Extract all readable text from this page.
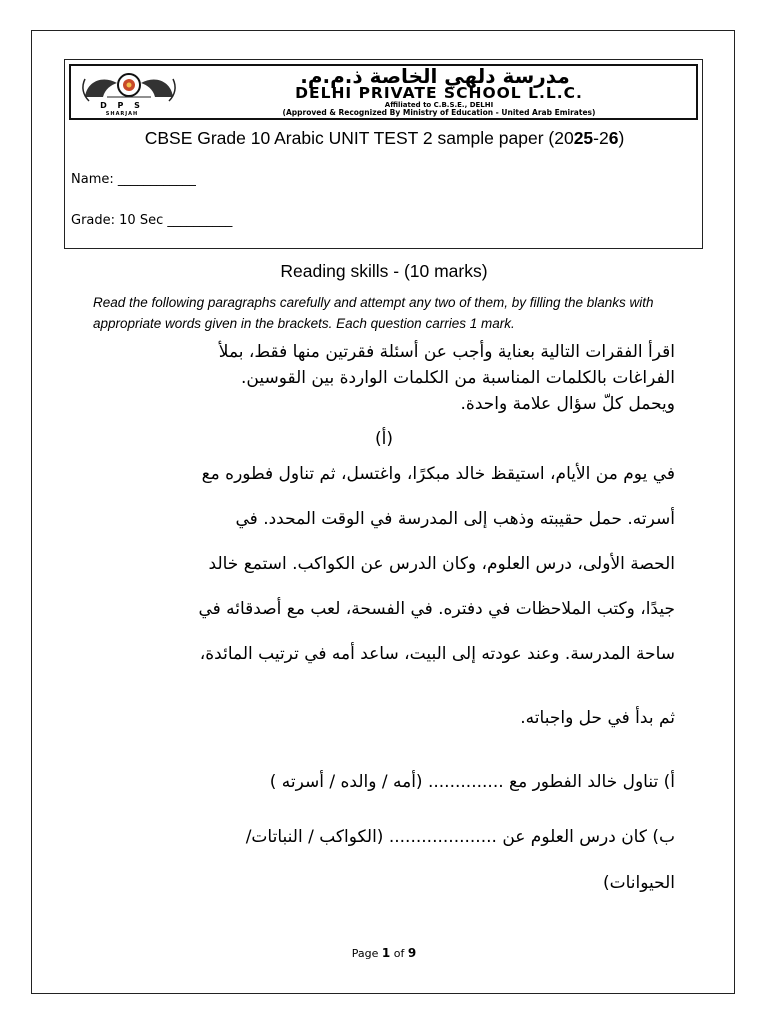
D P S
SHARJAH
مدرسة دلهي الخاصة ذ.م.م.
DELHI PRIVATE SCHOOL L.L.C.
Affiliated to C.B.S.E., DELHI
(Approved & Recognized By Ministry of Education - United Arab Emirates)
CBSE Grade 10 Arabic UNIT TEST 2 sample paper (2025-26)
Name: ____________
Grade: 10 Sec __________
Reading skills - (10 marks)
Read the following paragraphs carefully and attempt any two of them, by filling the blanks with appropriate words given in the brackets. Each question carries 1 mark.
اقرأ الفقرات التالية بعناية وأجب عن أسئلة فقرتين منها فقط، بملأ
الفراغات بالكلمات المناسبة من الكلمات الواردة بين القوسين.
ويحمل كلّ سؤال علامة واحدة.
(أ)
في يوم من الأيام، استيقظ خالد مبكرًا، واغتسل، ثم تناول فطوره مع
أسرته. حمل حقيبته وذهب إلى المدرسة في الوقت المحدد. في
الحصة الأولى، درس العلوم، وكان الدرس عن الكواكب. استمع خالد
جيدًا، وكتب الملاحظات في دفتره. في الفسحة، لعب مع أصدقائه في
ساحة المدرسة. وعند عودته إلى البيت، ساعد أمه في ترتيب المائدة،
ثم بدأ في حل واجباته.
أ) تناول خالد الفطور مع .............. (أمه / والده / أسرته )
ب) كان درس العلوم عن .................... (الكواكب / النباتات/
الحيوانات)
Page 1 of 9
